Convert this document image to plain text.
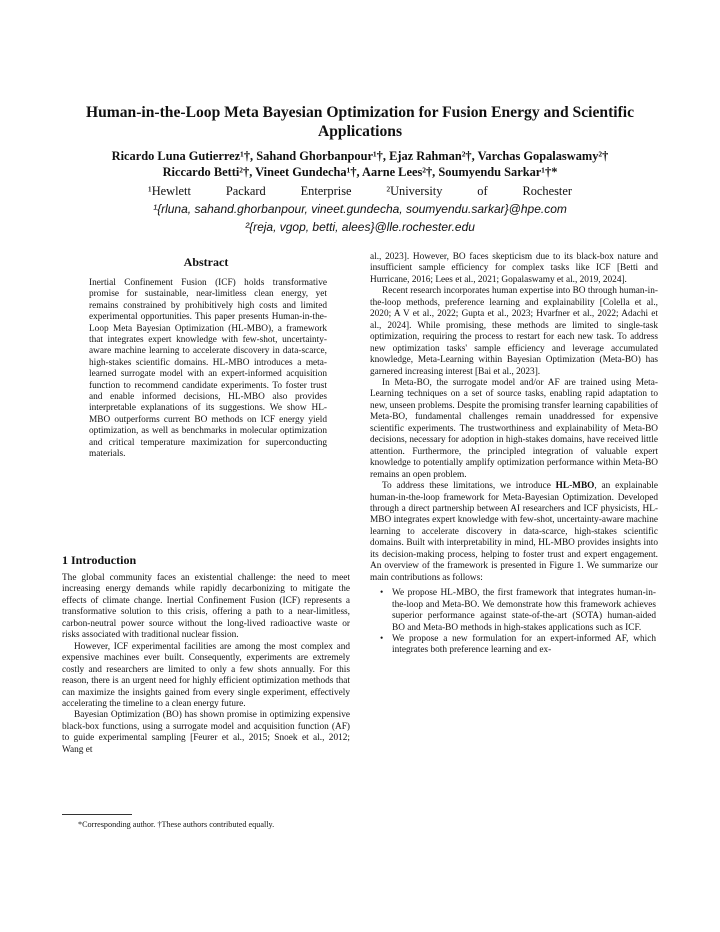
Human-in-the-Loop Meta Bayesian Optimization for Fusion Energy and Scientific Applications
Ricardo Luna Gutierrez¹†, Sahand Ghorbanpour¹†, Ejaz Rahman²†, Varchas Gopalaswamy²†
Riccardo Betti²†, Vineet Gundecha¹†, Aarne Lees²†, Soumyendu Sarkar¹†*
¹Hewlett	Packard	Enterprise	²University	of	Rochester
¹{rluna, sahand.ghorbanpour, vineet.gundecha, soumyendu.sarkar}@hpe.com
²{reja, vgop, betti, alees}@lle.rochester.edu
Abstract
Inertial Confinement Fusion (ICF) holds transformative promise for sustainable, near-limitless clean energy, yet remains constrained by prohibitively high costs and limited experimental opportunities. This paper presents Human-in-the-Loop Meta Bayesian Optimization (HL-MBO), a framework that integrates expert knowledge with few-shot, uncertainty-aware machine learning to accelerate discovery in data-scarce, high-stakes scientific domains. HL-MBO introduces a meta-learned surrogate model with an expert-informed acquisition function to recommend candidate experiments. To foster trust and enable informed decisions, HL-MBO also provides interpretable explanations of its suggestions. We show HL-MBO outperforms current BO methods on ICF energy yield optimization, as well as benchmarks in molecular optimization and critical temperature maximization for superconducting materials.
1 Introduction

The global community faces an existential challenge: the need to meet increasing energy demands while rapidly decarbonizing to mitigate the effects of climate change. Inertial Confinement Fusion (ICF) represents a transformative solution to this crisis, offering a path to a near-limitless, carbon-neutral power source without the long-lived radioactive waste or risks associated with traditional nuclear fission.

However, ICF experimental facilities are among the most complex and expensive machines ever built. Consequently, experiments are extremely costly and researchers are limited to only a few shots annually. For this reason, there is an urgent need for highly efficient optimization methods that can maximize the insights gained from every single experiment, effectively accelerating the timeline to a clean energy future.

Bayesian Optimization (BO) has shown promise in optimizing expensive black-box functions, using a surrogate model and acquisition function (AF) to guide experimental sampling [Feurer et al., 2015; Snoek et al., 2012; Wang et

al., 2023]. However, BO faces skepticism due to its black-box nature and insufficient sample efficiency for complex tasks like ICF [Betti and Hurricane, 2016; Lees et al., 2021; Gopalaswamy et al., 2019, 2024].

Recent research incorporates human expertise into BO through human-in-the-loop methods, preference learning and explainability [Colella et al., 2020; A V et al., 2022; Gupta et al., 2023; Hvarfner et al., 2022; Adachi et al., 2024]. While promising, these methods are limited to single-task optimization, requiring the process to restart for each new task. To address new optimization tasks' sample efficiency and leverage accumulated knowledge, Meta-Learning within Bayesian Optimization (Meta-BO) has garnered increasing interest [Bai et al., 2023].

In Meta-BO, the surrogate model and/or AF are trained using Meta-Learning techniques on a set of source tasks, enabling rapid adaptation to new, unseen problems. Despite the promising transfer learning capabilities of Meta-BO, fundamental challenges remain unaddressed for expensive scientific experiments. The trustworthiness and explainability of Meta-BO decisions, necessary for adoption in high-stakes domains, have received little attention. Furthermore, the principled integration of valuable expert knowledge to potentially amplify optimization performance within Meta-BO remains an open problem.

To address these limitations, we introduce HL-MBO, an explainable human-in-the-loop framework for Meta-Bayesian Optimization. Developed through a direct partnership between AI researchers and ICF physicists, HL-MBO integrates expert knowledge with few-shot, uncertainty-aware machine learning to accelerate discovery in data-scarce, high-stakes scientific domains. Built with interpretability in mind, HL-MBO provides insights into its decision-making process, helping to foster trust and expert engagement. An overview of the framework is presented in Figure 1. We summarize our main contributions as follows:

• We propose HL-MBO, the first framework that integrates human-in-the-loop and Meta-BO. We demonstrate how this framework achieves superior performance against state-of-the-art (SOTA) human-aided BO and Meta-BO methods in high-stakes applications such as ICF.
• We propose a new formulation for an expert-informed AF, which integrates both preference learning and ex-
*Corresponding author. †These authors contributed equally.
